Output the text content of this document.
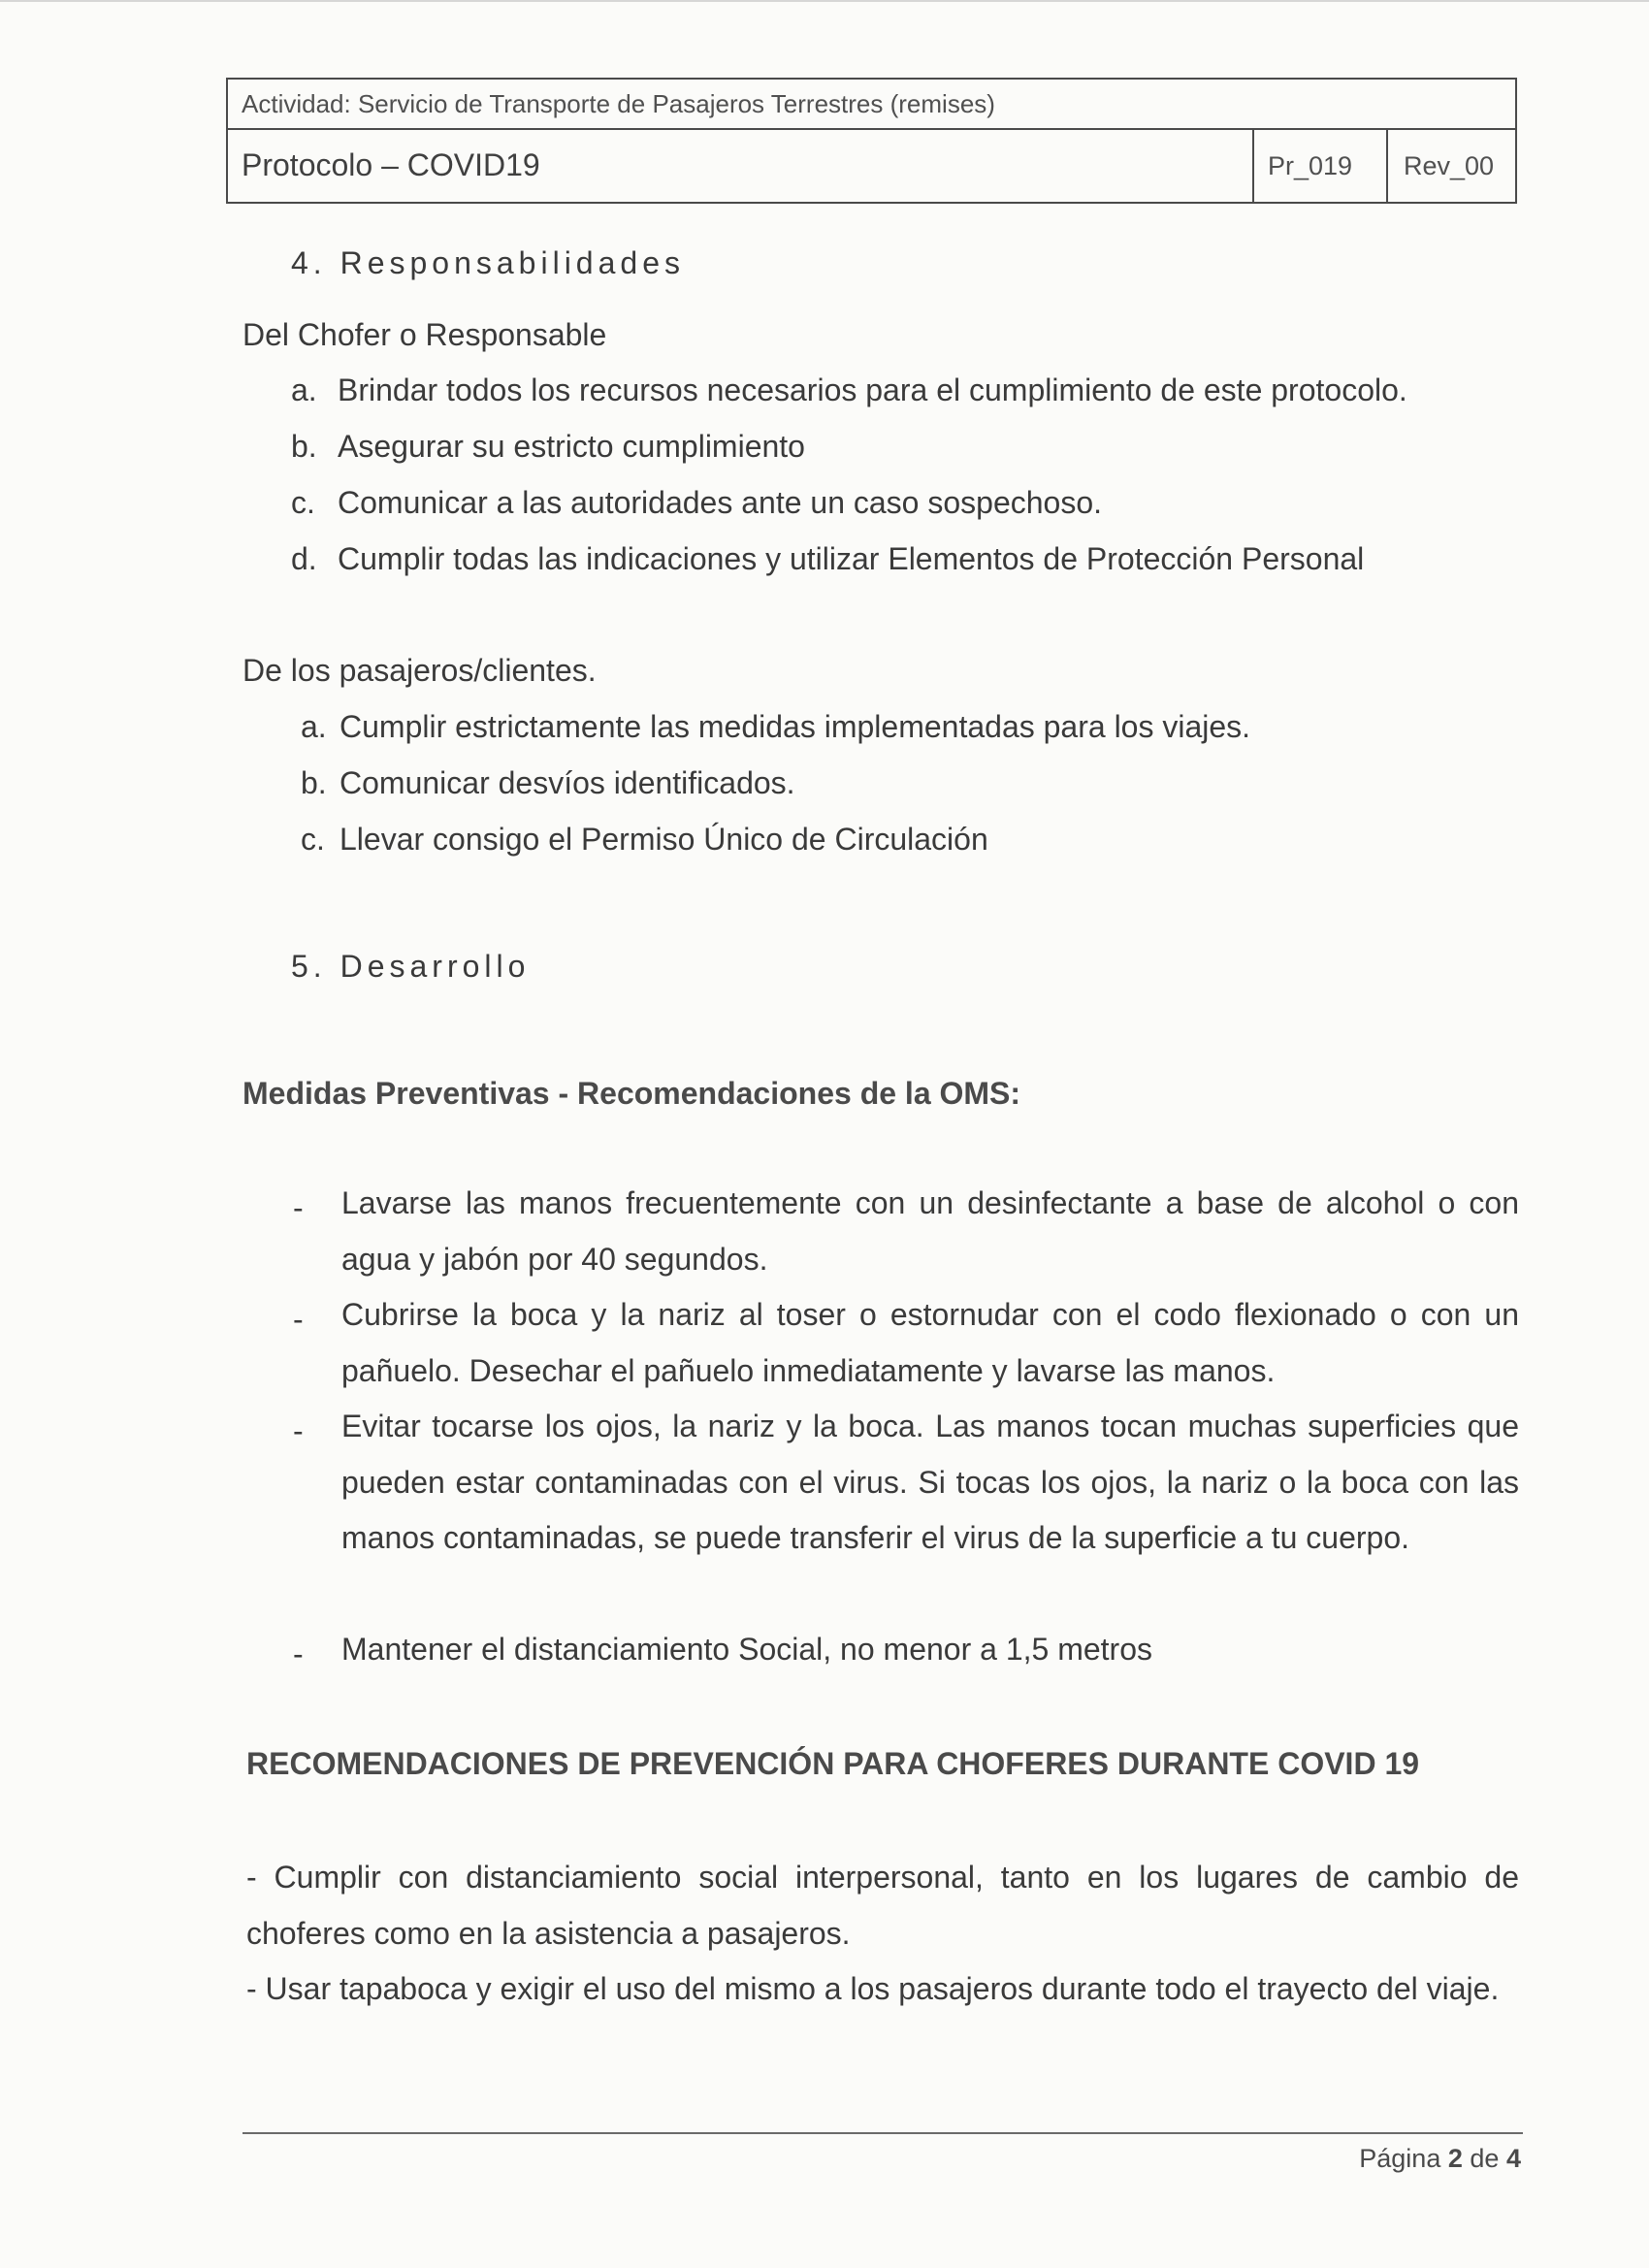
Actividad: Servicio de Transporte de Pasajeros Terrestres (remises)
Protocolo – COVID19	Pr_019 Rev_00
4. Responsabilidades
Del Chofer o Responsable
a. Brindar todos los recursos necesarios para el cumplimiento de este protocolo.
b. Asegurar su estricto cumplimiento
c. Comunicar a las autoridades ante un caso sospechoso.
d. Cumplir todas las indicaciones y utilizar Elementos de Protección Personal
De los pasajeros/clientes.
a. Cumplir estrictamente las medidas implementadas para los viajes.
b. Comunicar desvíos identificados.
c. Llevar consigo el Permiso Único de Circulación
5. Desarrollo
Medidas Preventivas - Recomendaciones de la OMS:
- Lavarse las manos frecuentemente con un desinfectante a base de alcohol o con agua y jabón por 40 segundos.
- Cubrirse la boca y la nariz al toser o estornudar con el codo flexionado o con un pañuelo. Desechar el pañuelo inmediatamente y lavarse las manos.
- Evitar tocarse los ojos, la nariz y la boca. Las manos tocan muchas superficies que pueden estar contaminadas con el virus. Si tocas los ojos, la nariz o la boca con las manos contaminadas, se puede transferir el virus de la superficie a tu cuerpo.
- Mantener el distanciamiento Social, no menor a 1,5 metros
RECOMENDACIONES DE PREVENCIÓN PARA CHOFERES DURANTE COVID 19
- Cumplir con distanciamiento social interpersonal, tanto en los lugares de cambio de choferes como en la asistencia a pasajeros.
- Usar tapaboca y exigir el uso del mismo a los pasajeros durante todo el trayecto del viaje.
Página 2 de 4
